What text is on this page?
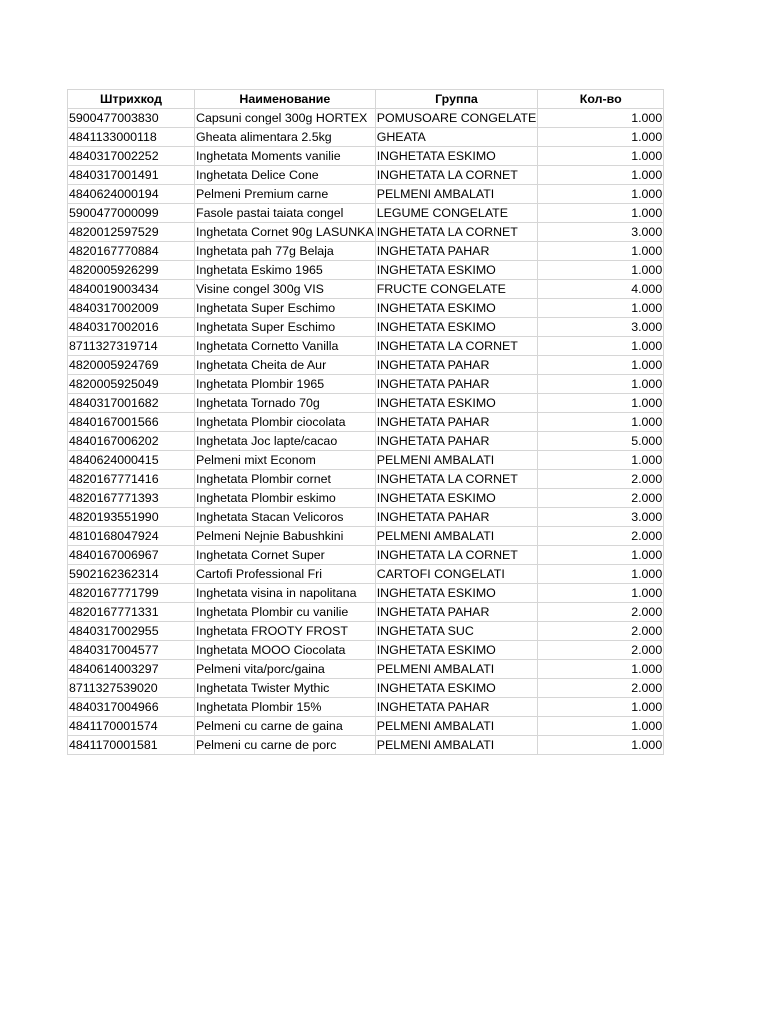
Штрихкод	Наименование	Группа	Кол-во
5900477003830	Capsuni congel 300g HORTEX	POMUSOARE CONGELATE	1.000
4841133000118	Gheata alimentara 2.5kg	GHEATA	1.000
4840317002252	Inghetata Moments vanilie	INGHETATA ESKIMO	1.000
4840317001491	Inghetata Delice Cone	INGHETATA LA CORNET	1.000
4840624000194	Pelmeni Premium carne	PELMENI AMBALATI	1.000
5900477000099	Fasole pastai taiata congel	LEGUME CONGELATE	1.000
4820012597529	Inghetata Cornet 90g LASUNKA	INGHETATA LA CORNET	3.000
4820167770884	Inghetata pah 77g Belaja	INGHETATA PAHAR	1.000
4820005926299	Inghetata Eskimo 1965	INGHETATA ESKIMO	1.000
4840019003434	Visine congel 300g VIS	FRUCTE CONGELATE	4.000
4840317002009	Inghetata Super Eschimo	INGHETATA ESKIMO	1.000
4840317002016	Inghetata Super Eschimo	INGHETATA ESKIMO	3.000
8711327319714	Inghetata Cornetto Vanilla	INGHETATA LA CORNET	1.000
4820005924769	Inghetata Cheita de Aur	INGHETATA PAHAR	1.000
4820005925049	Inghetata Plombir 1965	INGHETATA PAHAR	1.000
4840317001682	Inghetata Tornado 70g	INGHETATA ESKIMO	1.000
4840167001566	Inghetata Plombir ciocolata	INGHETATA PAHAR	1.000
4840167006202	Inghetata Joc lapte/cacao	INGHETATA PAHAR	5.000
4840624000415	Pelmeni mixt Econom	PELMENI AMBALATI	1.000
4820167771416	Inghetata Plombir cornet	INGHETATA LA CORNET	2.000
4820167771393	Inghetata Plombir eskimo	INGHETATA ESKIMO	2.000
4820193551990	Inghetata Stacan Velicoros	INGHETATA PAHAR	3.000
4810168047924	Pelmeni Nejnie Babushkini	PELMENI AMBALATI	2.000
4840167006967	Inghetata Cornet Super	INGHETATA LA CORNET	1.000
5902162362314	Cartofi Professional Fri	CARTOFI CONGELATI	1.000
4820167771799	Inghetata visina in napolitana	INGHETATA ESKIMO	1.000
4820167771331	Inghetata Plombir cu vanilie	INGHETATA PAHAR	2.000
4840317002955	Inghetata FROOTY FROST	INGHETATA SUC	2.000
4840317004577	Inghetata MOOO Ciocolata	INGHETATA ESKIMO	2.000
4840614003297	Pelmeni vita/porc/gaina	PELMENI AMBALATI	1.000
8711327539020	Inghetata Twister Mythic	INGHETATA ESKIMO	2.000
4840317004966	Inghetata Plombir 15%	INGHETATA PAHAR	1.000
4841170001574	Pelmeni cu carne de gaina	PELMENI AMBALATI	1.000
4841170001581	Pelmeni cu carne de porc	PELMENI AMBALATI	1.000
